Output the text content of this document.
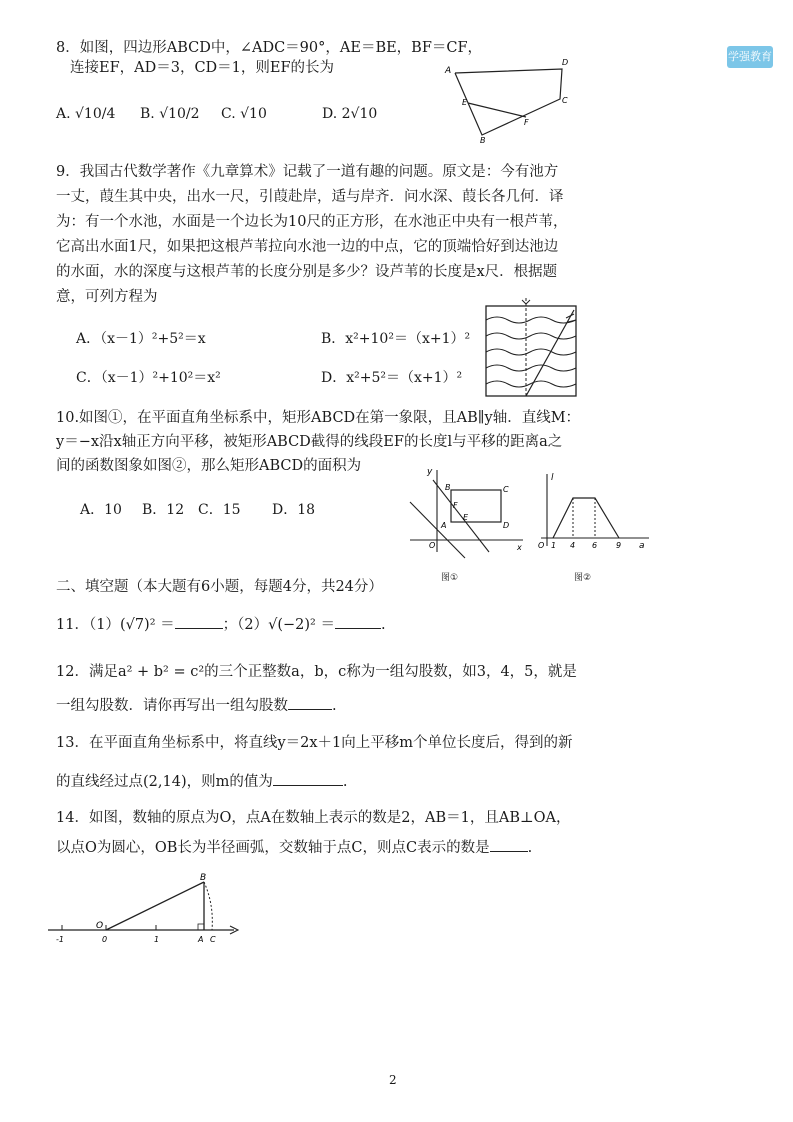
学强教育
8．如图，四边形ABCD中，∠ADC＝90°，AE＝BE，BF＝CF，
连接EF，AD＝3，CD＝1，则EF的长为
A. √10/4 B. √10/2 C. √10	D. 2√10
A
D
C
E
F
B
9．我国古代数学著作《九章算术》记载了一道有趣的问题。原文是：今有池方
一丈，葭生其中央，出水一尺，引葭赴岸，适与岸齐．问水深、葭长各几何．译
为：有一个水池，水面是一个边长为10尺的正方形，在水池正中央有一根芦苇，
它高出水面1尺，如果把这根芦苇拉向水池一边的中点，它的顶端恰好到达池边
的水面，水的深度与这根芦苇的长度分别是多少？设芦苇的长度是x尺．根据题
意，可列方程为
A．（x－1）²+5²＝x	B．x²+10²＝（x+1）²
C．（x－1）²+10²＝x²	D．x²+5²＝（x+1）²
10.如图①，在平面直角坐标系中，矩形ABCD在第一象限，且AB∥y轴．直线M：
y＝−x沿x轴正方向平移，被矩形ABCD截得的线段EF的长度l与平移的距离a之
间的函数图象如图②，那么矩形ABCD的面积为
A．10 B．12 C．15 D．18
y
B	C
F
E
A	D
O	x
图①
l
O 1 4 6 9 a
图②
二、填空题（本大题有6小题，每题4分，共24分）
11．（1）(√7)² ＝	；（2）√(−2)² ＝	.
12．满足a² + b² = c²的三个正整数a，b，c称为一组勾股数，如3，4，5，就是
一组勾股数．请你再写出一组勾股数	.
13．在平面直角坐标系中，将直线y＝2x＋1向上平移m个单位长度后，得到的新
的直线经过点(2,14)，则m的值为	.
14．如图，数轴的原点为O，点A在数轴上表示的数是2，AB＝1，且AB⊥OA，
以点O为圆心，OB长为半径画弧，交数轴于点C，则点C表示的数是	.
-1	0	1	A C
O
B
2
